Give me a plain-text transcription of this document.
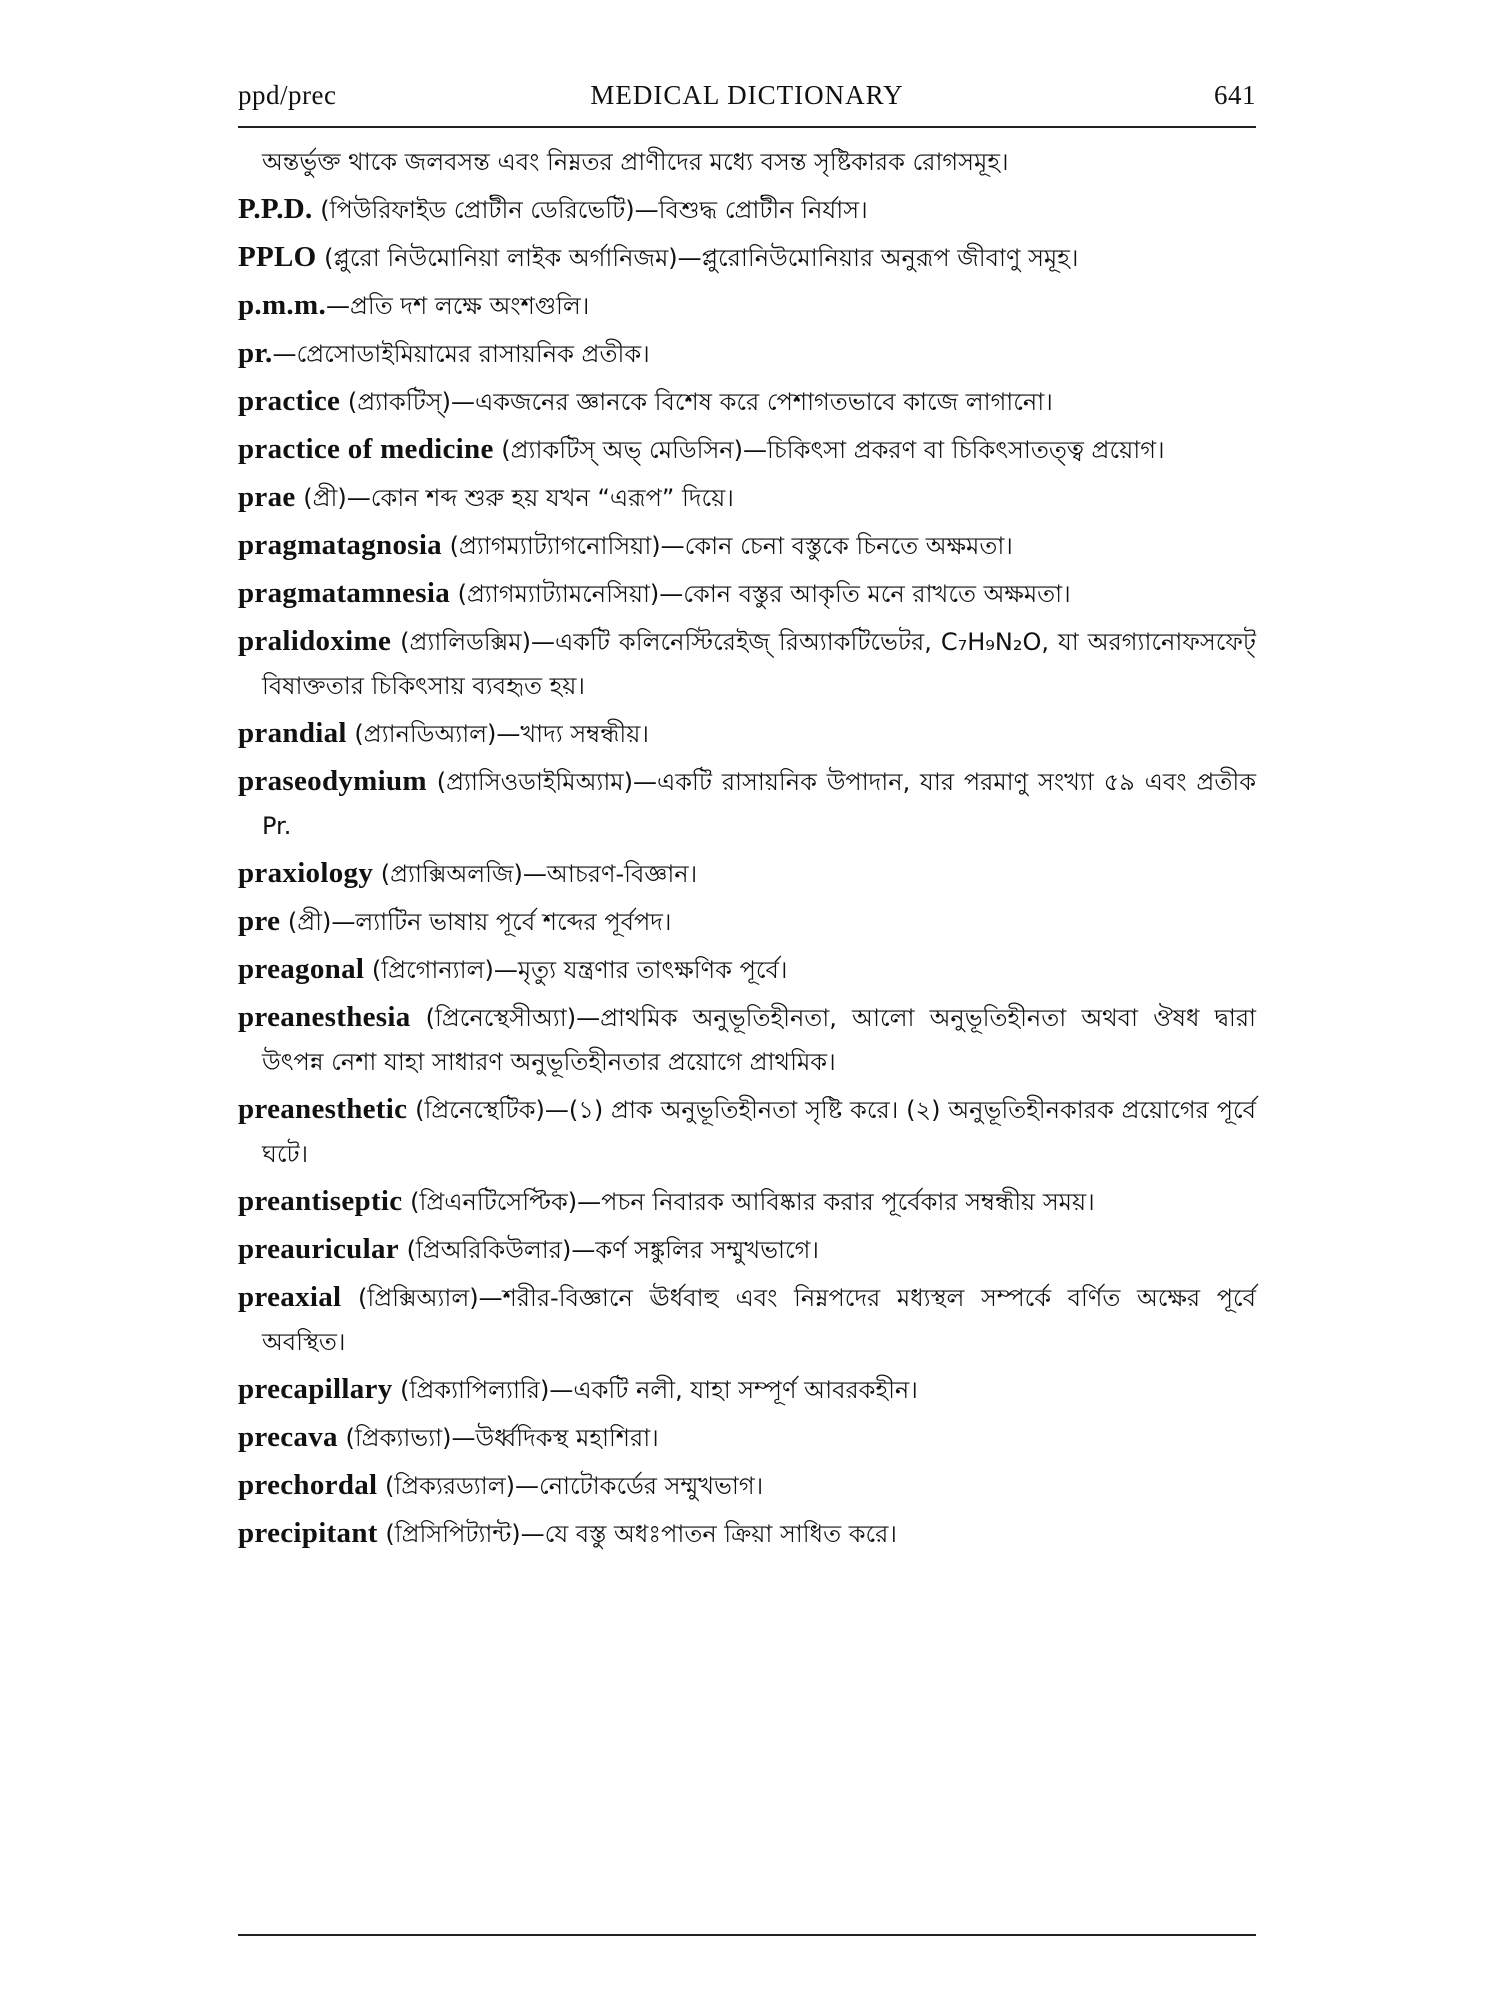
ppd/prec	MEDICAL DICTIONARY	641

অন্তর্ভুক্ত থাকে জলবসন্ত এবং নিম্নতর প্রাণীদের মধ্যে বসন্ত সৃষ্টিকারক রোগসমূহ।

P.P.D. (পিউরিফাইড প্রোটীন ডেরিভেটি)—বিশুদ্ধ প্রোটীন নির্যাস।

PPLO (প্লুরো নিউমোনিয়া লাইক অর্গানিজম)—প্লুরোনিউমোনিয়ার অনুরূপ জীবাণু সমূহ।

p.m.m.—প্রতি দশ লক্ষে অংশগুলি।

pr.—প্রেসোডাইমিয়ামের রাসায়নিক প্রতীক।

practice (প্র্যাকটিস্)—একজনের জ্ঞানকে বিশেষ করে পেশাগতভাবে কাজে লাগানো।

practice of medicine (প্র্যাকটিস্ অভ্ মেডিসিন)—চিকিৎসা প্রকরণ বা চিকিৎসাতত্ত্ব প্রয়োগ।

prae (প্রী)—কোন শব্দ শুরু হয় যখন “এরূপ” দিয়ে।

pragmatagnosia (প্র্যাগম্যাট্যাগনোসিয়া)—কোন চেনা বস্তুকে চিনতে অক্ষমতা।

pragmatamnesia (প্র্যাগম্যাট্যামনেসিয়া)—কোন বস্তুর আকৃতি মনে রাখতে অক্ষমতা।

pralidoxime (প্র্যালিডক্সিম)—একটি কলিনেস্টিরেইজ্ রিঅ্যাকটিভেটর, C₇H₉N₂O, যা অরগ্যানোফসফেট্ বিষাক্ততার চিকিৎসায় ব্যবহৃত হয়।

prandial (প্র্যানডিঅ্যাল)—খাদ্য সম্বন্ধীয়।

praseodymium (প্র্যাসিওডাইমিঅ্যাম)—একটি রাসায়নিক উপাদান, যার পরমাণু সংখ্যা ৫৯ এবং প্রতীক Pr.

praxiology (প্র্যাক্সিঅলজি)—আচরণ-বিজ্ঞান।

pre (প্রী)—ল্যাটিন ভাষায় পূর্বে শব্দের পূর্বপদ।

preagonal (প্রিগোন্যাল)—মৃত্যু যন্ত্রণার তাৎক্ষণিক পূর্বে।

preanesthesia (প্রিনেস্থেসীঅ্যা)—প্রাথমিক অনুভূতিহীনতা, আলো অনুভূতিহীনতা অথবা ঔষধ দ্বারা উৎপন্ন নেশা যাহা সাধারণ অনুভূতিহীনতার প্রয়োগে প্রাথমিক।

preanesthetic (প্রিনেস্থেটিক)—(১) প্রাক অনুভূতিহীনতা সৃষ্টি করে। (২) অনুভূতিহীনকারক প্রয়োগের পূর্বে ঘটে।

preantiseptic (প্রিএনটিসেপ্টিক)—পচন নিবারক আবিষ্কার করার পূর্বেকার সম্বন্ধীয় সময়।

preauricular (প্রিঅরিকিউলার)—কর্ণ সঙ্কুলির সম্মুখভাগে।

preaxial (প্রিক্সিঅ্যাল)—শরীর-বিজ্ঞানে ঊর্ধবাহু এবং নিম্নপদের মধ্যস্থল সম্পর্কে বর্ণিত অক্ষের পূর্বে অবস্থিত।

precapillary (প্রিক্যাপিল্যারি)—একটি নলী, যাহা সম্পূর্ণ আবরকহীন।

precava (প্রিক্যাভ্যা)—উর্ধ্বদিকস্থ মহাশিরা।

prechordal (প্রিক্যরড্যাল)—নোটোকর্ডের সম্মুখভাগ।

precipitant (প্রিসিপিট্যান্ট)—যে বস্তু অধঃপাতন ক্রিয়া সাধিত করে।
